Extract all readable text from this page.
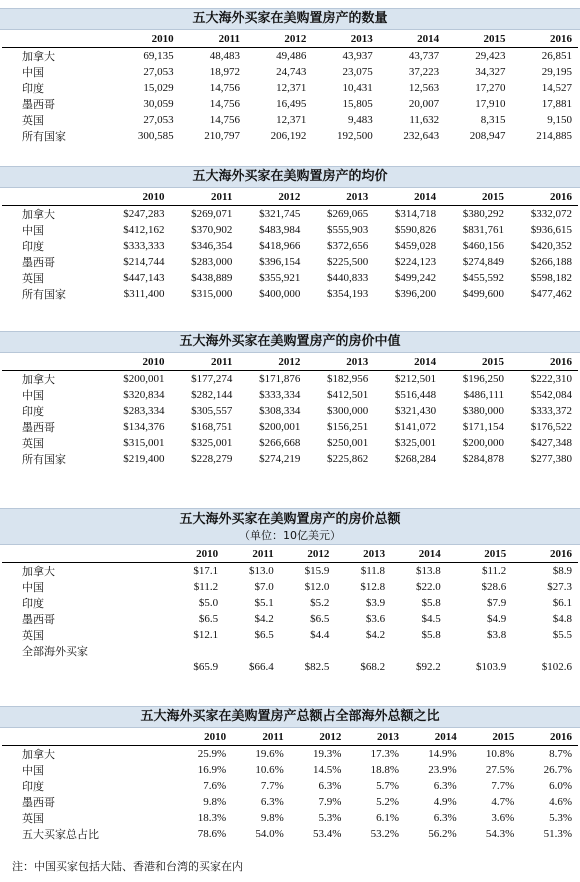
五大海外买家在美购置房产的数量
	2010	2011	2012	2013	2014	2015	2016
加拿大	69,135	48,483	49,486	43,937	43,737	29,423	26,851
中国	27,053	18,972	24,743	23,075	37,223	34,327	29,195
印度	15,029	14,756	12,371	10,431	12,563	17,270	14,527
墨西哥	30,059	14,756	16,495	15,805	20,007	17,910	17,881
英国	27,053	14,756	12,371	9,483	11,632	8,315	9,150
所有国家	300,585	210,797	206,192	192,500	232,643	208,947	214,885
五大海外买家在美购置房产的均价
	2010	2011	2012	2013	2014	2015	2016
加拿大	$247,283	$269,071	$321,745	$269,065	$314,718	$380,292	$332,072
中国	$412,162	$370,902	$483,984	$555,903	$590,826	$831,761	$936,615
印度	$333,333	$346,354	$418,966	$372,656	$459,028	$460,156	$420,352
墨西哥	$214,744	$283,000	$396,154	$225,500	$224,123	$274,849	$266,188
英国	$447,143	$438,889	$355,921	$440,833	$499,242	$455,592	$598,182
所有国家	$311,400	$315,000	$400,000	$354,193	$396,200	$499,600	$477,462
五大海外买家在美购置房产的房价中值
	2010	2011	2012	2013	2014	2015	2016
加拿大	$200,001	$177,274	$171,876	$182,956	$212,501	$196,250	$222,310
中国	$320,834	$282,144	$333,334	$412,501	$516,448	$486,111	$542,084
印度	$283,334	$305,557	$308,334	$300,000	$321,430	$380,000	$333,372
墨西哥	$134,376	$168,751	$200,001	$156,251	$141,072	$171,154	$176,522
英国	$315,001	$325,001	$266,668	$250,001	$325,001	$200,000	$427,348
所有国家	$219,400	$228,279	$274,219	$225,862	$268,284	$284,878	$277,380
五大海外买家在美购置房产的房价总额
（单位：10亿美元）
	2010	2011	2012	2013	2014	2015	2016
加拿大	$17.1	$13.0	$15.9	$11.8	$13.8	$11.2	$8.9
中国	$11.2	$7.0	$12.0	$12.8	$22.0	$28.6	$27.3
印度	$5.0	$5.1	$5.2	$3.9	$5.8	$7.9	$6.1
墨西哥	$6.5	$4.2	$6.5	$3.6	$4.5	$4.9	$4.8
英国	$12.1	$6.5	$4.4	$4.2	$5.8	$3.8	$5.5
全部海外买家							
	$65.9	$66.4	$82.5	$68.2	$92.2	$103.9	$102.6
五大海外买家在美购置房产总额占全部海外总额之比
	2010	2011	2012	2013	2014	2015	2016
加拿大	25.9%	19.6%	19.3%	17.3%	14.9%	10.8%	8.7%
中国	16.9%	10.6%	14.5%	18.8%	23.9%	27.5%	26.7%
印度	7.6%	7.7%	6.3%	5.7%	6.3%	7.7%	6.0%
墨西哥	9.8%	6.3%	7.9%	5.2%	4.9%	4.7%	4.6%
英国	18.3%	9.8%	5.3%	6.1%	6.3%	3.6%	5.3%
五大买家总占比	78.6%	54.0%	53.4%	53.2%	56.2%	54.3%	51.3%
注：中国买家包括大陆、香港和台湾的买家在内
